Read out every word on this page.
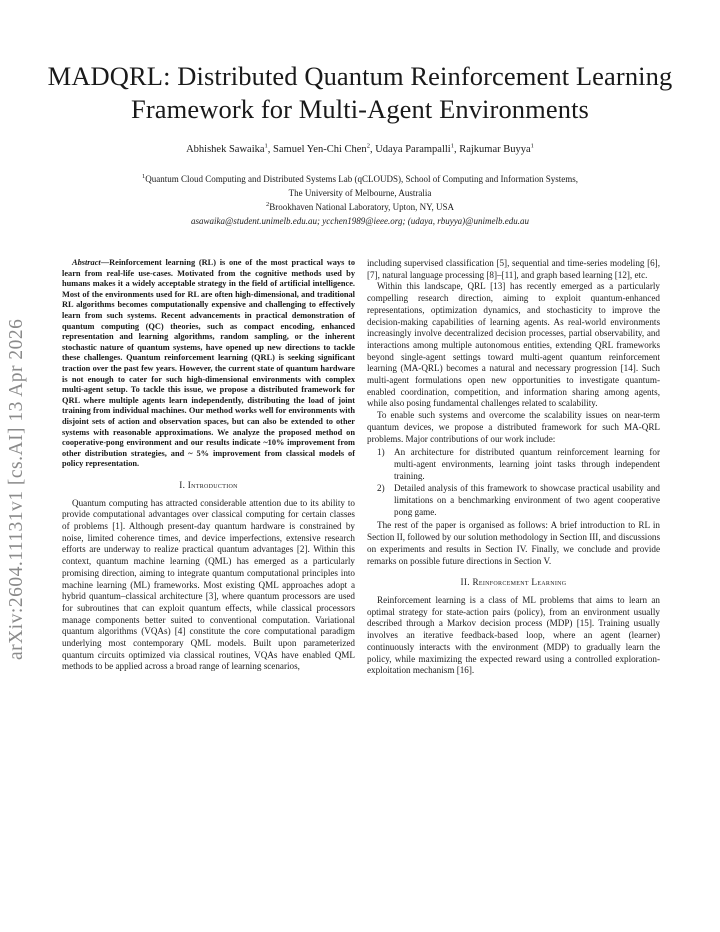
arXiv:2604.11131v1 [cs.AI] 13 Apr 2026
MADQRL: Distributed Quantum Reinforcement Learning Framework for Multi-Agent Environments
Abhishek Sawaika$^1$, Samuel Yen-Chi Chen$^2$, Udaya Parampalli$^1$, Rajkumar Buyya$^1$
$^1$Quantum Cloud Computing and Distributed Systems Lab (qCLOUDS), School of Computing and Information Systems,
The University of Melbourne, Australia
$^2$Brookhaven National Laboratory, Upton, NY, USA
asawaika@student.unimelb.edu.au; ycchen1989@ieee.org; (udaya, rbuyya)@unimelb.edu.au

Abstract—Reinforcement learning (RL) is one of the most practical ways to learn from real-life use-cases. Motivated from the cognitive methods used by humans makes it a widely acceptable strategy in the field of artificial intelligence. Most of the environments used for RL are often high-dimensional, and traditional RL algorithms becomes computationally expensive and challenging to effectively learn from such systems. Recent advancements in practical demonstration of quantum computing (QC) theories, such as compact encoding, enhanced representation and learning algorithms, random sampling, or the inherent stochastic nature of quantum systems, have opened up new directions to tackle these challenges. Quantum reinforcement learning (QRL) is seeking significant traction over the past few years. However, the current state of quantum hardware is not enough to cater for such high-dimensional environments with complex multi-agent setup. To tackle this issue, we propose a distributed framework for QRL where multiple agents learn independently, distributing the load of joint training from individual machines. Our method works well for environments with disjoint sets of action and observation spaces, but can also be extended to other systems with reasonable approximations. We analyze the proposed method on cooperative-pong environment and our results indicate ~10% improvement from other distribution strategies, and ~ 5% improvement from classical models of policy representation.

I. Introduction

Quantum computing has attracted considerable attention due to its ability to provide computational advantages over classical computing for certain classes of problems [1]. Although present-day quantum hardware is constrained by noise, limited coherence times, and device imperfections, extensive research efforts are underway to realize practical quantum advantages [2]. Within this context, quantum machine learning (QML) has emerged as a particularly promising direction, aiming to integrate quantum computational principles into machine learning (ML) frameworks. Most existing QML approaches adopt a hybrid quantum–classical architecture [3], where quantum processors are used for subroutines that can exploit quantum effects, while classical processors manage components better suited to conventional computation. Variational quantum algorithms (VQAs) [4] constitute the core computational paradigm underlying most contemporary QML models. Built upon parameterized quantum circuits optimized via classical routines, VQAs have enabled QML methods to be applied across a broad range of learning scenarios,

including supervised classification [5], sequential and time-series modeling [6], [7], natural language processing [8]–[11], and graph based learning [12], etc.

Within this landscape, QRL [13] has recently emerged as a particularly compelling research direction, aiming to exploit quantum-enhanced representations, optimization dynamics, and stochasticity to improve the decision-making capabilities of learning agents. As real-world environments increasingly involve decentralized decision processes, partial observability, and interactions among multiple autonomous entities, extending QRL frameworks beyond single-agent settings toward multi-agent quantum reinforcement learning (MA-QRL) becomes a natural and necessary progression [14]. Such multi-agent formulations open new opportunities to investigate quantum-enabled coordination, competition, and information sharing among agents, while also posing fundamental challenges related to scalability.

To enable such systems and overcome the scalability issues on near-term quantum devices, we propose a distributed framework for such MA-QRL problems. Major contributions of our work include:

1) An architecture for distributed quantum reinforcement learning for multi-agent environments, learning joint tasks through independent training.
2) Detailed analysis of this framework to showcase practical usability and limitations on a benchmarking environment of two agent cooperative pong game.

The rest of the paper is organised as follows: A brief introduction to RL in Section II, followed by our solution methodology in Section III, and discussions on experiments and results in Section IV. Finally, we conclude and provide remarks on possible future directions in Section V.

II. Reinforcement Learning

Reinforcement learning is a class of ML problems that aims to learn an optimal strategy for state-action pairs (policy), from an environment usually described through a Markov decision process (MDP) [15]. Training usually involves an iterative feedback-based loop, where an agent (learner) continuously interacts with the environment (MDP) to gradually learn the policy, while maximizing the expected reward using a controlled exploration-exploitation mechanism [16].
